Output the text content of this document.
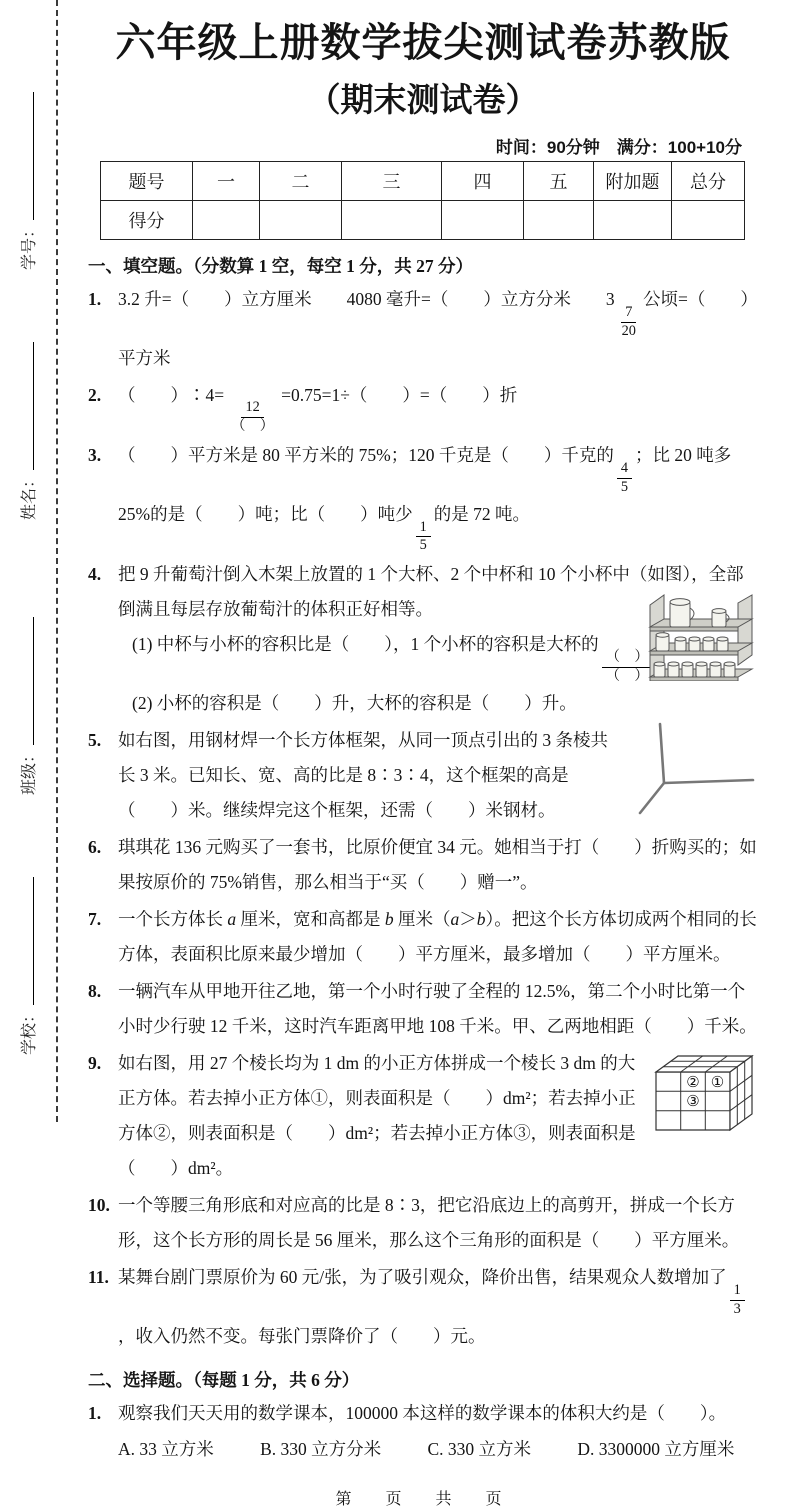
学号：
姓名：
班级：
学校：
六年级上册数学拔尖测试卷苏教版
（期末测试卷）
时间：90分钟　满分：100+10分
题号	一	二	三	四	五	附加题	总分
得分							
一、填空题。（分数算 1 空，每空 1 分，共 27 分）
1. 3.2 升=（　　）立方厘米　　4080 毫升=（　　）立方分米　　3
$\frac{7}{20}$
公顷=（　　）平方米
2. （　　）∶4=
$\frac{12}{( )}$
=0.75=1÷（　　）=（　　）折
3. （　　）平方米是 80 平方米的 75%；120 千克是（　　）千克的
$\frac{4}{5}$
；比 20 吨多 25%的是（　　）吨；比（　　）吨少
$\frac{1}{5}$
的是 72 吨。
4. 把 9 升葡萄汁倒入木架上放置的 1 个大杯、2 个中杯和 10 个小杯中（如图），全部倒满且每层存放葡萄汁的体积正好相等。
(1) 中杯与小杯的容积比是（　　），1 个小杯的容积是大杯的
$\frac{( )}{( )}$
(2) 小杯的容积是（　　）升，大杯的容积是（　　）升。
5. 如右图，用钢材焊一个长方体框架，从同一顶点引出的 3 条棱共长 3 米。已知长、宽、高的比是 8∶3∶4，这个框架的高是（　　）米。继续焊完这个框架，还需（　　）米钢材。
6. 琪琪花 136 元购买了一套书，比原价便宜 34 元。她相当于打（　　）折购买的；如果按原价的 75%销售，那么相当于“买（　　）赠一”。
7. 一个长方体长 a 厘米，宽和高都是 b 厘米（a＞b）。把这个长方体切成两个相同的长方体，表面积比原来最少增加（　　）平方厘米，最多增加（　　）平方厘米。
8. 一辆汽车从甲地开往乙地，第一个小时行驶了全程的 12.5%，第二个小时比第一个小时少行驶 12 千米，这时汽车距离甲地 108 千米。甲、乙两地相距（　　）千米。
9.
② ①
③
如右图，用 27 个棱长均为 1 dm 的小正方体拼成一个棱长 3 dm 的大正方体。若去掉小正方体①，则表面积是（　　）dm²；若去掉小正方体②，则表面积是（　　）dm²；若去掉小正方体③，则表面积是（　　）dm²。
10. 一个等腰三角形底和对应高的比是 8∶3，把它沿底边上的高剪开，拼成一个长方形，这个长方形的周长是 56 厘米，那么这个三角形的面积是（　　）平方厘米。
11. 某舞台剧门票原价为 60 元/张，为了吸引观众，降价出售，结果观众人数增加了
$\frac{1}{3}$
，收入仍然不变。每张门票降价了（　　）元。
二、选择题。（每题 1 分，共 6 分）
1. 观察我们天天用的数学课本，100000 本这样的数学课本的体积大约是（　　）。
A. 33 立方米	B. 330 立方分米	C. 330 立方米	D. 3300000 立方厘米
第　页　共　页
